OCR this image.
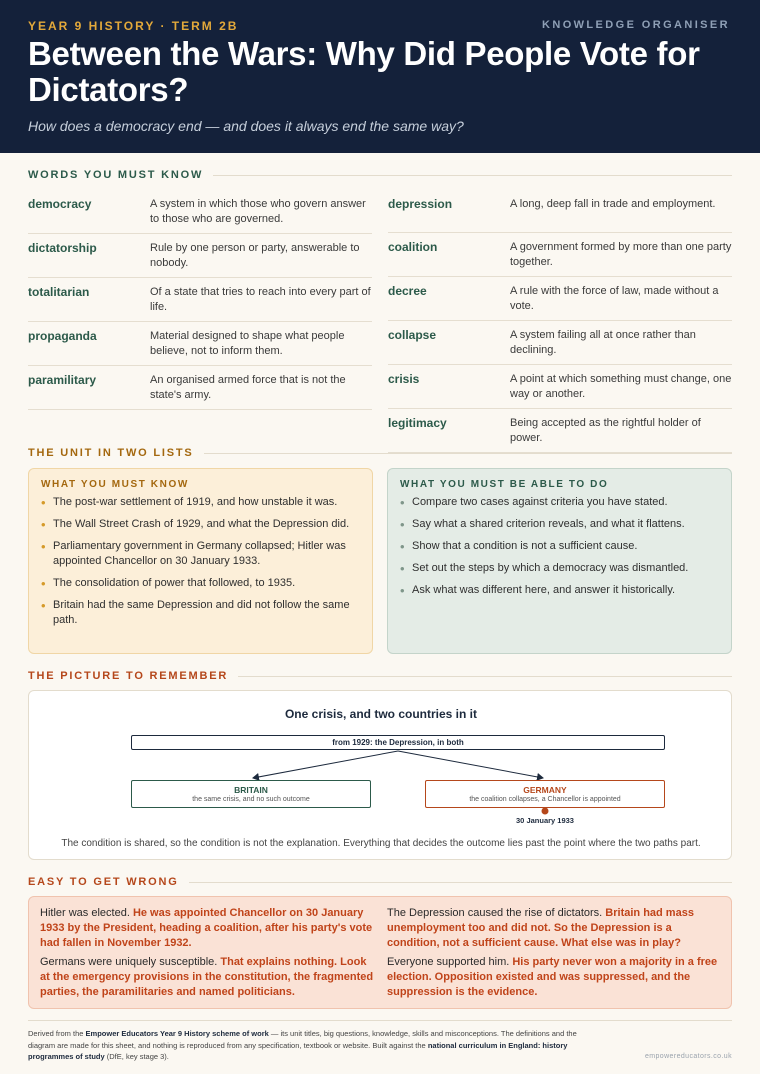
YEAR 9 HISTORY · TERM 2B	KNOWLEDGE ORGANISER
Between the Wars: Why Did People Vote for Dictators?
How does a democracy end — and does it always end the same way?
WORDS YOU MUST KNOW
democracy	A system in which those who govern answer to those who are governed.
dictatorship	Rule by one person or party, answerable to nobody.
totalitarian	Of a state that tries to reach into every part of life.
propaganda	Material designed to shape what people believe, not to inform them.
paramilitary	An organised armed force that is not the state's army.
depression	A long, deep fall in trade and employment.
coalition	A government formed by more than one party together.
decree	A rule with the force of law, made without a vote.
collapse	A system failing all at once rather than declining.
crisis	A point at which something must change, one way or another.
legitimacy	Being accepted as the rightful holder of power.
THE UNIT IN TWO LISTS
WHAT YOU MUST KNOW
• The post-war settlement of 1919, and how unstable it was.
• The Wall Street Crash of 1929, and what the Depression did.
• Parliamentary government in Germany collapsed; Hitler was appointed Chancellor on 30 January 1933.
• The consolidation of power that followed, to 1935.
• Britain had the same Depression and did not follow the same path.
WHAT YOU MUST BE ABLE TO DO
• Compare two cases against criteria you have stated.
• Say what a shared criterion reveals, and what it flattens.
• Show that a condition is not a sufficient cause.
• Set out the steps by which a democracy was dismantled.
• Ask what was different here, and answer it historically.
THE PICTURE TO REMEMBER
One crisis, and two countries in it
from 1929: the Depression, in both
BRITAIN
the same crisis, and no such outcome
GERMANY
the coalition collapses, a Chancellor is appointed
30 January 1933
The condition is shared, so the condition is not the explanation. Everything that decides the outcome lies past the point where the two paths part.
EASY TO GET WRONG
Hitler was elected. He was appointed Chancellor on 30 January 1933 by the President, heading a coalition, after his party's vote had fallen in November 1932.
The Depression caused the rise of dictators. Britain had mass unemployment too and did not. So the Depression is a condition, not a sufficient cause. What else was in play?
Germans were uniquely susceptible. That explains nothing. Look at the emergency provisions in the constitution, the fragmented parties, the paramilitaries and named politicians.
Everyone supported him. His party never won a majority in a free election. Opposition existed and was suppressed, and the suppression is the evidence.
Derived from the Empower Educators Year 9 History scheme of work — its unit titles, big questions, knowledge, skills and misconceptions. The definitions and the diagram are made for this sheet, and nothing is reproduced from any specification, textbook or website. Built against the national curriculum in England: history programmes of study (DfE, key stage 3).	empowereducators.co.uk
